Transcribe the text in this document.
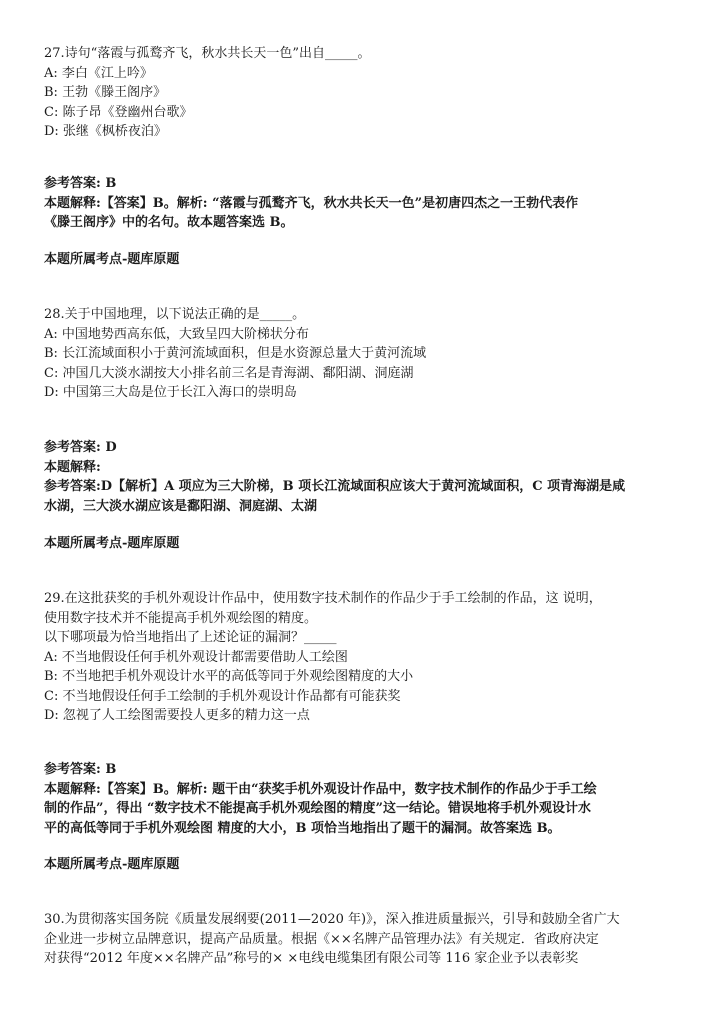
27.诗句“落霞与孤鹜齐飞，秋水共长天一色”出自_____。
A: 李白《江上吟》
B: 王勃《滕王阁序》
C: 陈子昂《登幽州台歌》
D: 张继《枫桥夜泊》
参考答案: B
本题解释:【答案】B。解析: “落霞与孤鹜齐飞，秋水共长天一色”是初唐四杰之一王勃代表作
《滕王阁序》中的名句。故本题答案选 B。
本题所属考点-题库原题
28.关于中国地理，以下说法正确的是_____。
A: 中国地势西高东低，大致呈四大阶梯状分布
B: 长江流域面积小于黄河流域面积，但是水资源总量大于黄河流域
C: 冲国几大淡水湖按大小排名前三名是青海湖、鄱阳湖、洞庭湖
D: 中国第三大岛是位于长江入海口的崇明岛
参考答案: D
本题解释:
参考答案:D【解析】A 项应为三大阶梯，B 项长江流域面积应该大于黄河流域面积，C 项青海湖是咸
水湖，三大淡水湖应该是鄱阳湖、洞庭湖、太湖
本题所属考点-题库原题
29.在这批获奖的手机外观设计作品中，使用数字技术制作的作品少于手工绘制的作品，这 说明，
使用数字技术并不能提高手机外观绘图的精度。
以下哪项最为恰当地指出了上述论证的漏洞？_____
A: 不当地假设任何手机外观设计都需要借助人工绘图
B: 不当地把手机外观设计水平的高低等同于外观绘图精度的大小
C: 不当地假设任何手工绘制的手机外观设计作品都有可能获奖
D: 忽视了人工绘图需要投人更多的精力这一点
参考答案: B
本题解释:【答案】B。解析: 题干由“获奖手机外观设计作品中，数字技术制作的作品少于手工绘
制的作品”，得出 “数字技术不能提高手机外观绘图的精度”这一结论。错误地将手机外观设计水
平的高低等同于手机外观绘图 精度的大小，B 项恰当地指出了题干的漏洞。故答案选 B。
本题所属考点-题库原题
30.为贯彻落实国务院《质量发展纲要(2011—2020 年)》，深入推进质量振兴，引导和鼓励全省广大
企业进一步树立品牌意识，提高产品质量。根据《××名牌产品管理办法》有关规定．省政府决定
对获得“2012 年度××名牌产品”称号的× ×电线电缆集团有限公司等 116 家企业予以表彰奖
